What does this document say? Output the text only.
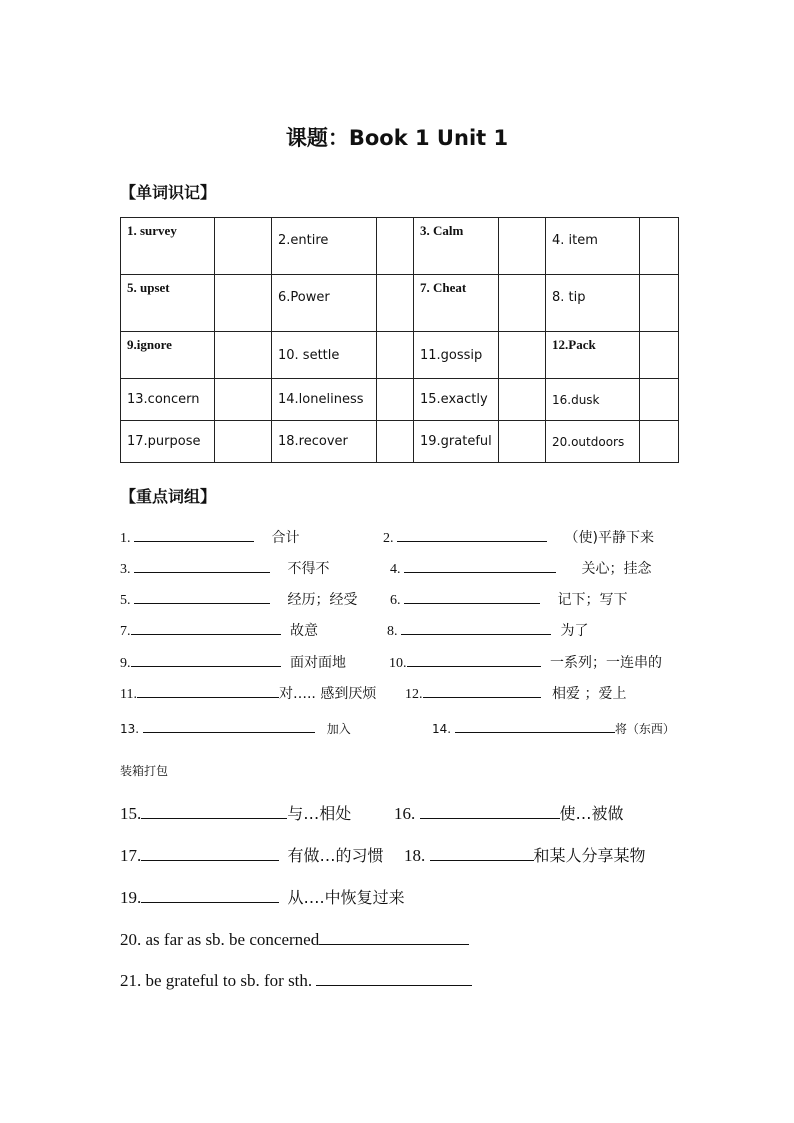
课题：Book 1 Unit 1
【单词识记】
1. survey		2.entire		3. Calm		4. item	
5. upset		6.Power		7. Cheat		8. tip	
9.ignore		10. settle		11.gossip		12.Pack	
13.concern		14.loneliness		15.exactly		16.dusk	
17.purpose		18.recover		19.grateful		20.outdoors	
【重点词组】
1.	合计	2.	（使)平静下来
3.	不得不	4.	关心；挂念
5.	经历；经受 6.	记下；写下
7.	故意	8.	为了
9.	面对面地	10.	一系列；一连串的
11.	对….. 感到厌烦 12.	相爱 ；爱上
13.	加入	14.	将（东西）
装箱打包
15.	与…相处	16.	使…被做
17.	有做…的习惯 18.	和某人分享某物
19.	从….中恢复过来
20. as far as sb. be concerned
21. be grateful to sb. for sth.
